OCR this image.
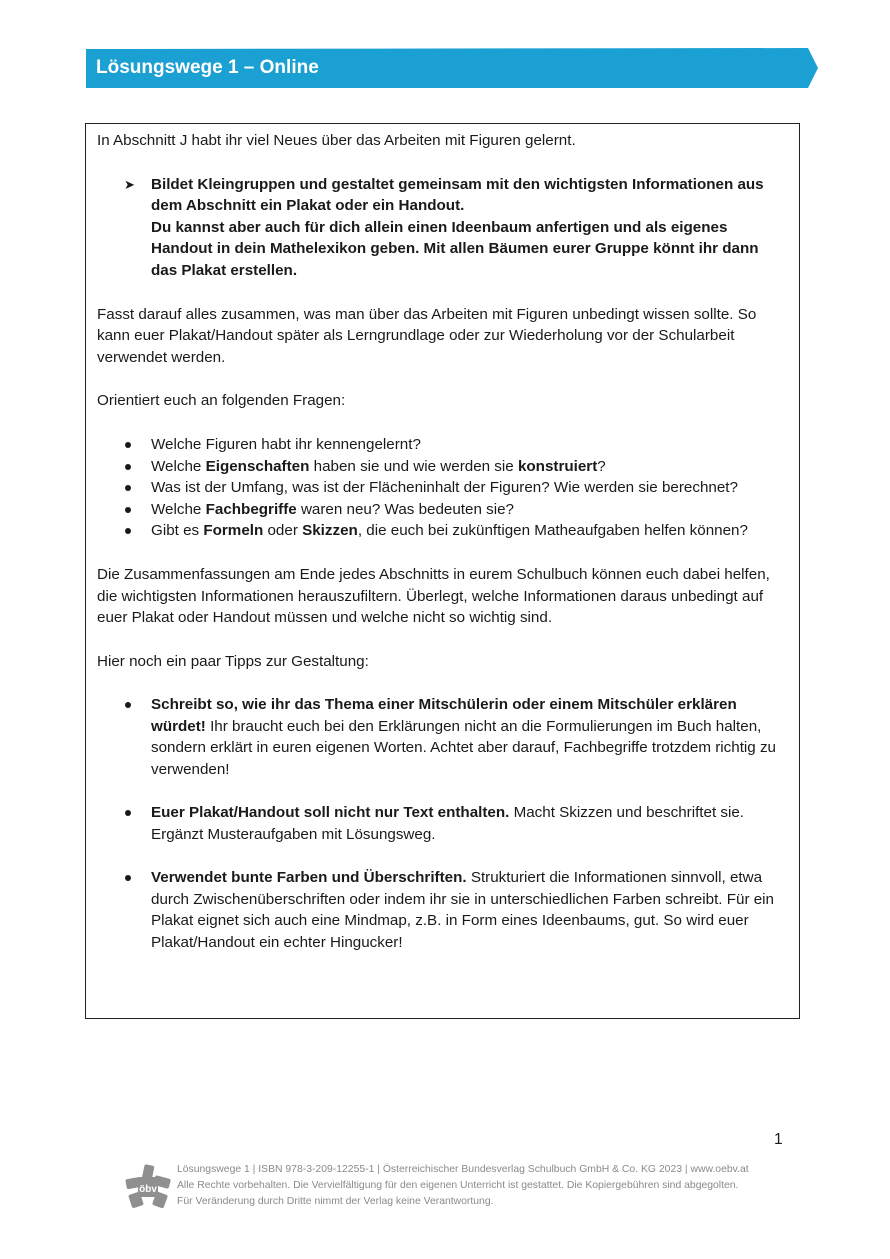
Lösungswege 1 – Online

In Abschnitt J habt ihr viel Neues über das Arbeiten mit Figuren gelernt.

➤ Bildet Kleingruppen und gestaltet gemeinsam mit den wichtigsten Informationen aus dem Abschnitt ein Plakat oder ein Handout.

Du kannst aber auch für dich allein einen Ideenbaum anfertigen und als eigenes Handout in dein Mathelexikon geben. Mit allen Bäumen eurer Gruppe könnt ihr dann das Plakat erstellen.

Fasst darauf alles zusammen, was man über das Arbeiten mit Figuren unbedingt wissen sollte. So kann euer Plakat/Handout später als Lerngrundlage oder zur Wiederholung vor der Schularbeit verwendet werden.

Orientiert euch an folgenden Fragen:

Welche Figuren habt ihr kennengelernt?
Welche Eigenschaften haben sie und wie werden sie konstruiert?
Was ist der Umfang, was ist der Flächeninhalt der Figuren? Wie werden sie berechnet?
Welche Fachbegriffe waren neu? Was bedeuten sie?
Gibt es Formeln oder Skizzen, die euch bei zukünftigen Matheaufgaben helfen können?

Die Zusammenfassungen am Ende jedes Abschnitts in eurem Schulbuch können euch dabei helfen, die wichtigsten Informationen herauszufiltern. Überlegt, welche Informationen daraus unbedingt auf euer Plakat oder Handout müssen und welche nicht so wichtig sind.

Hier noch ein paar Tipps zur Gestaltung:

Schreibt so, wie ihr das Thema einer Mitschülerin oder einem Mitschüler erklären würdet! Ihr braucht euch bei den Erklärungen nicht an die Formulierungen im Buch halten, sondern erklärt in euren eigenen Worten. Achtet aber darauf, Fachbegriffe trotzdem richtig zu verwenden!
Euer Plakat/Handout soll nicht nur Text enthalten. Macht Skizzen und beschriftet sie. Ergänzt Musteraufgaben mit Lösungsweg.
Verwendet bunte Farben und Überschriften. Strukturiert die Informationen sinnvoll, etwa durch Zwischenüberschriften oder indem ihr sie in unterschiedlichen Farben schreibt. Für ein Plakat eignet sich auch eine Mindmap, z.B. in Form eines Ideenbaums, gut. So wird euer Plakat/Handout ein echter Hingucker!
1
öbv
Lösungswege 1 | ISBN 978-3-209-12255-1 | Österreichischer Bundesverlag Schulbuch GmbH & Co. KG 2023 | www.oebv.at
Alle Rechte vorbehalten. Die Vervielfältigung für den eigenen Unterricht ist gestattet. Die Kopiergebühren sind abgegolten.
Für Veränderung durch Dritte nimmt der Verlag keine Verantwortung.
